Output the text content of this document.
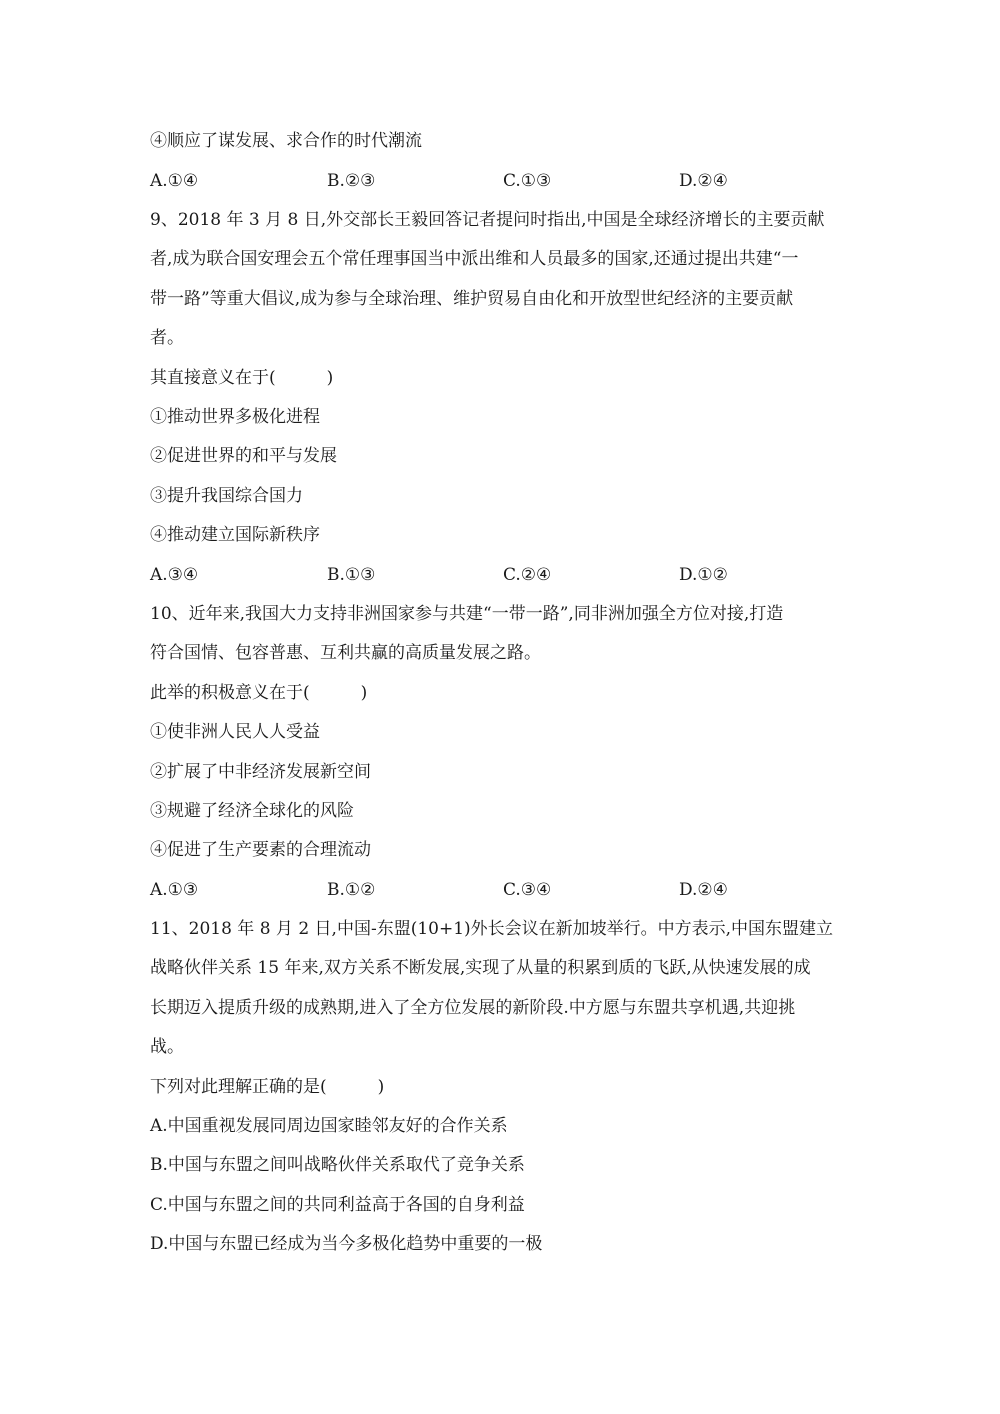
④顺应了谋发展、求合作的时代潮流
A.①④	B.②③	C.①③	D.②④
9、2018 年 3 月 8 日,外交部长王毅回答记者提问时指出,中国是全球经济增长的主要贡献
者,成为联合国安理会五个常任理事国当中派出维和人员最多的国家,还通过提出共建“一
带一路”等重大倡议,成为参与全球治理、维护贸易自由化和开放型世纪经济的主要贡献
者。
其直接意义在于(　　　)
①推动世界多极化进程
②促进世界的和平与发展
③提升我国综合国力
④推动建立国际新秩序
A.③④	B.①③	C.②④	D.①②
10、近年来,我国大力支持非洲国家参与共建“一带一路”,同非洲加强全方位对接,打造
符合国情、包容普惠、互利共赢的高质量发展之路。
此举的积极意义在于(　　　)
①使非洲人民人人受益
②扩展了中非经济发展新空间
③规避了经济全球化的风险
④促进了生产要素的合理流动
A.①③	B.①②	C.③④	D.②④
11、2018 年 8 月 2 日,中国-东盟(10+1)外长会议在新加坡举行。中方表示,中国东盟建立
战略伙伴关系 15 年来,双方关系不断发展,实现了从量的积累到质的飞跃,从快速发展的成
长期迈入提质升级的成熟期,进入了全方位发展的新阶段.中方愿与东盟共享机遇,共迎挑
战。
下列对此理解正确的是(　　　)
A.中国重视发展同周边国家睦邻友好的合作关系
B.中国与东盟之间叫战略伙伴关系取代了竞争关系
C.中国与东盟之间的共同利益高于各国的自身利益
D.中国与东盟已经成为当今多极化趋势中重要的一极
